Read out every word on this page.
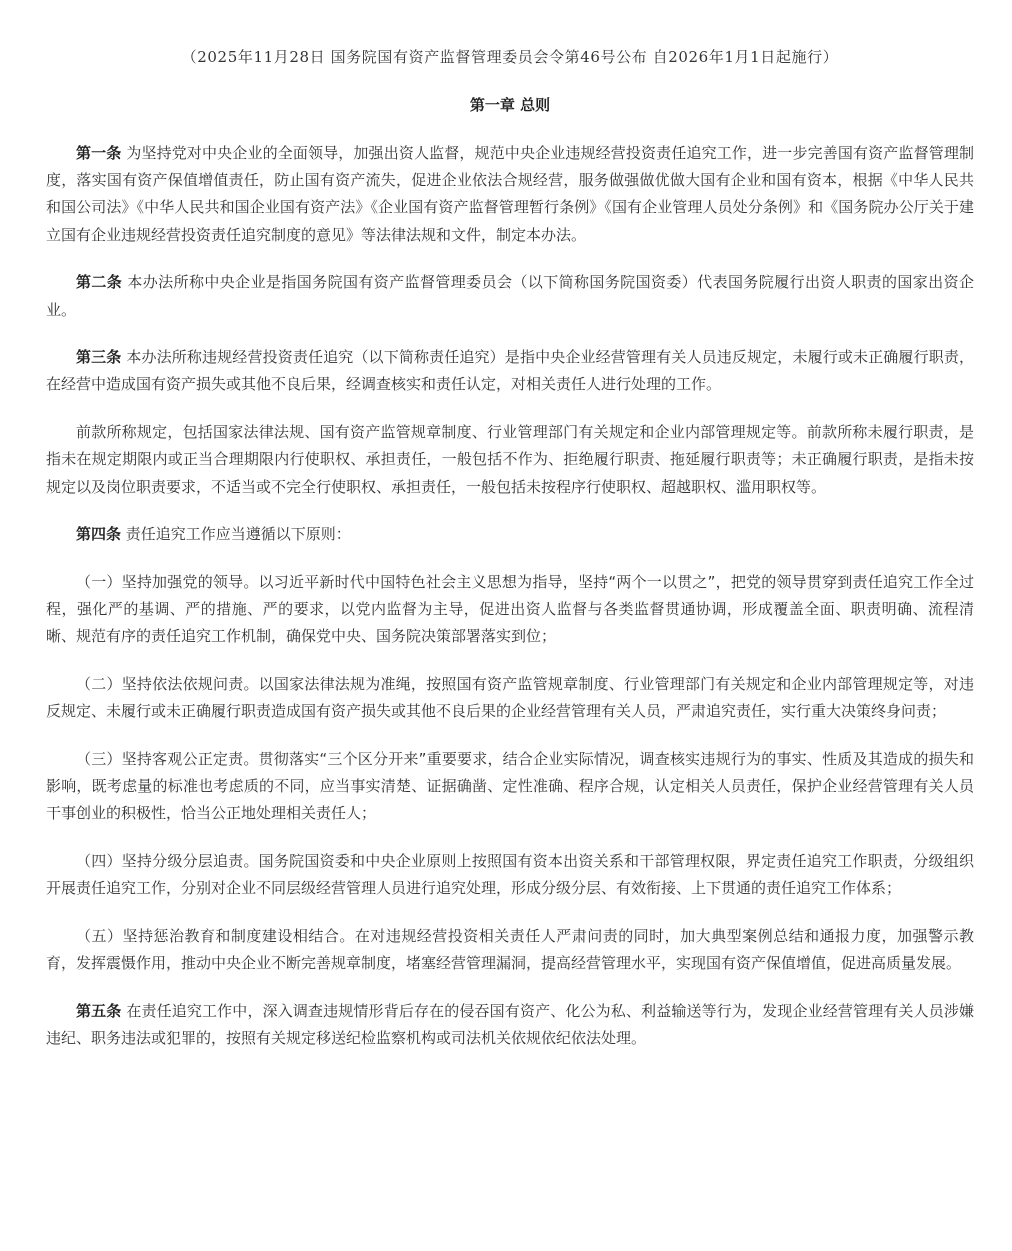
（2025年11月28日 国务院国有资产监督管理委员会令第46号公布 自2026年1月1日起施行）
第一章 总则

第一条 为坚持党对中央企业的全面领导，加强出资人监督，规范中央企业违规经营投资责任追究工作，进一步完善国有资产监督管理制度，落实国有资产保值增值责任，防止国有资产流失，促进企业依法合规经营，服务做强做优做大国有企业和国有资本，根据《中华人民共和国公司法》《中华人民共和国企业国有资产法》《企业国有资产监督管理暂行条例》《国有企业管理人员处分条例》和《国务院办公厅关于建立国有企业违规经营投资责任追究制度的意见》等法律法规和文件，制定本办法。

第二条 本办法所称中央企业是指国务院国有资产监督管理委员会（以下简称国务院国资委）代表国务院履行出资人职责的国家出资企业。

第三条 本办法所称违规经营投资责任追究（以下简称责任追究）是指中央企业经营管理有关人员违反规定，未履行或未正确履行职责，在经营中造成国有资产损失或其他不良后果，经调查核实和责任认定，对相关责任人进行处理的工作。

前款所称规定，包括国家法律法规、国有资产监管规章制度、行业管理部门有关规定和企业内部管理规定等。前款所称未履行职责，是指未在规定期限内或正当合理期限内行使职权、承担责任，一般包括不作为、拒绝履行职责、拖延履行职责等；未正确履行职责，是指未按规定以及岗位职责要求，不适当或不完全行使职权、承担责任，一般包括未按程序行使职权、超越职权、滥用职权等。

第四条 责任追究工作应当遵循以下原则：

（一）坚持加强党的领导。以习近平新时代中国特色社会主义思想为指导，坚持“两个一以贯之”，把党的领导贯穿到责任追究工作全过程，强化严的基调、严的措施、严的要求，以党内监督为主导，促进出资人监督与各类监督贯通协调，形成覆盖全面、职责明确、流程清晰、规范有序的责任追究工作机制，确保党中央、国务院决策部署落实到位；

（二）坚持依法依规问责。以国家法律法规为准绳，按照国有资产监管规章制度、行业管理部门有关规定和企业内部管理规定等，对违反规定、未履行或未正确履行职责造成国有资产损失或其他不良后果的企业经营管理有关人员，严肃追究责任，实行重大决策终身问责；

（三）坚持客观公正定责。贯彻落实“三个区分开来”重要要求，结合企业实际情况，调查核实违规行为的事实、性质及其造成的损失和影响，既考虑量的标准也考虑质的不同，应当事实清楚、证据确凿、定性准确、程序合规，认定相关人员责任，保护企业经营管理有关人员干事创业的积极性，恰当公正地处理相关责任人；

（四）坚持分级分层追责。国务院国资委和中央企业原则上按照国有资本出资关系和干部管理权限，界定责任追究工作职责，分级组织开展责任追究工作，分别对企业不同层级经营管理人员进行追究处理，形成分级分层、有效衔接、上下贯通的责任追究工作体系；

（五）坚持惩治教育和制度建设相结合。在对违规经营投资相关责任人严肃问责的同时，加大典型案例总结和通报力度，加强警示教育，发挥震慑作用，推动中央企业不断完善规章制度，堵塞经营管理漏洞，提高经营管理水平，实现国有资产保值增值，促进高质量发展。

第五条 在责任追究工作中，深入调查违规情形背后存在的侵吞国有资产、化公为私、利益输送等行为，发现企业经营管理有关人员涉嫌违纪、职务违法或犯罪的，按照有关规定移送纪检监察机构或司法机关依规依纪依法处理。
